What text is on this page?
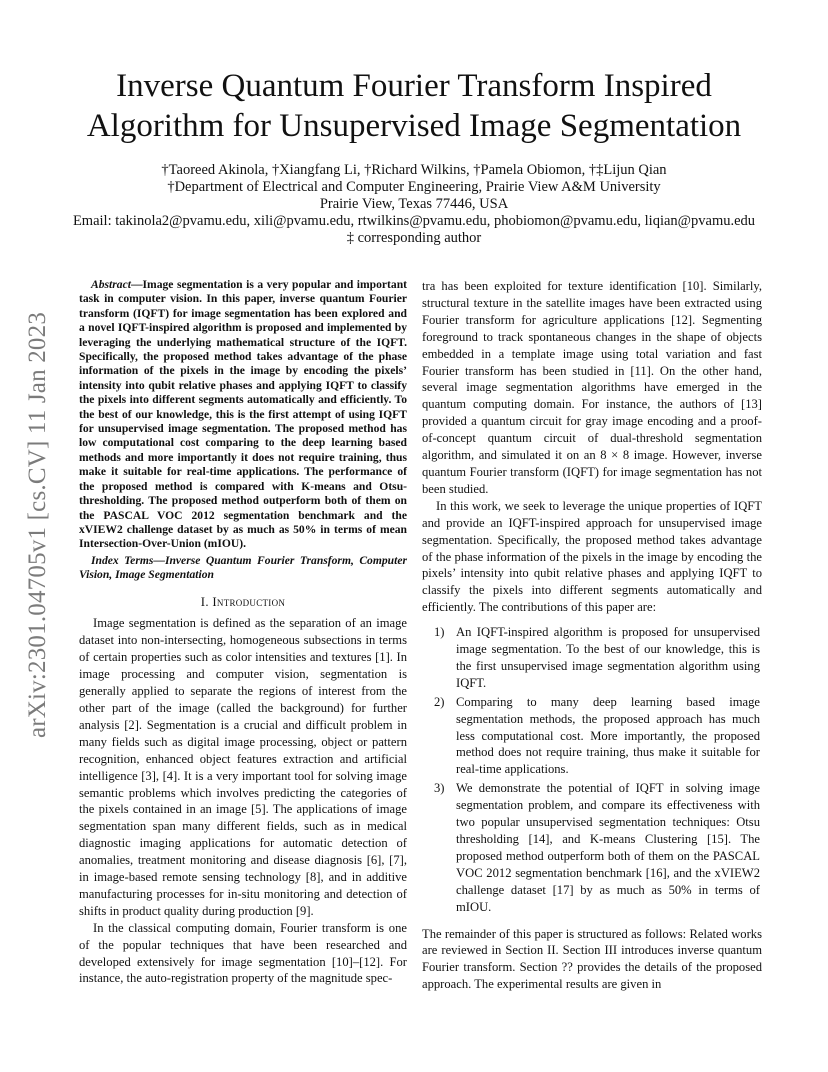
arXiv:2301.04705v1 [cs.CV] 11 Jan 2023
Inverse Quantum Fourier Transform Inspired
Algorithm for Unsupervised Image Segmentation
†Taoreed Akinola, †Xiangfang Li, †Richard Wilkins, †Pamela Obiomon, †‡Lijun Qian
†Department of Electrical and Computer Engineering, Prairie View A&M University
Prairie View, Texas 77446, USA
Email: takinola2@pvamu.edu, xili@pvamu.edu, rtwilkins@pvamu.edu, phobiomon@pvamu.edu, liqian@pvamu.edu
‡ corresponding author

Abstract—Image segmentation is a very popular and important task in computer vision. In this paper, inverse quantum Fourier transform (IQFT) for image segmentation has been explored and a novel IQFT-inspired algorithm is proposed and implemented by leveraging the underlying mathematical structure of the IQFT. Specifically, the proposed method takes advantage of the phase information of the pixels in the image by encoding the pixels’ intensity into qubit relative phases and applying IQFT to classify the pixels into different segments automatically and efficiently. To the best of our knowledge, this is the first attempt of using IQFT for unsupervised image segmentation. The proposed method has low computational cost comparing to the deep learning based methods and more importantly it does not require training, thus make it suitable for real-time applications. The performance of the proposed method is compared with K-means and Otsu-thresholding. The proposed method outperform both of them on the PASCAL VOC 2012 segmentation benchmark and the xVIEW2 challenge dataset by as much as 50% in terms of mean Intersection-Over-Union (mIOU).

Index Terms—Inverse Quantum Fourier Transform, Computer Vision, Image Segmentation

I. Introduction

Image segmentation is defined as the separation of an image dataset into non-intersecting, homogeneous subsections in terms of certain properties such as color intensities and textures [1]. In image processing and computer vision, segmentation is generally applied to separate the regions of interest from the other part of the image (called the background) for further analysis [2]. Segmentation is a crucial and difficult problem in many fields such as digital image processing, object or pattern recognition, enhanced object features extraction and artificial intelligence [3], [4]. It is a very important tool for solving image semantic problems which involves predicting the categories of the pixels contained in an image [5]. The applications of image segmentation span many different fields, such as in medical diagnostic imaging applications for automatic detection of anomalies, treatment monitoring and disease diagnosis [6], [7], in image-based remote sensing technology [8], and in additive manufacturing processes for in-situ monitoring and detection of shifts in product quality during production [9].

In the classical computing domain, Fourier transform is one of the popular techniques that have been researched and developed extensively for image segmentation [10]–[12]. For instance, the auto-registration property of the magnitude spec-

tra has been exploited for texture identification [10]. Similarly, structural texture in the satellite images have been extracted using Fourier transform for agriculture applications [12]. Segmenting foreground to track spontaneous changes in the shape of objects embedded in a template image using total variation and fast Fourier transform has been studied in [11]. On the other hand, several image segmentation algorithms have emerged in the quantum computing domain. For instance, the authors of [13] provided a quantum circuit for gray image encoding and a proof-of-concept quantum circuit of dual-threshold segmentation algorithm, and simulated it on an 8 × 8 image. However, inverse quantum Fourier transform (IQFT) for image segmentation has not been studied.

In this work, we seek to leverage the unique properties of IQFT and provide an IQFT-inspired approach for unsupervised image segmentation. Specifically, the proposed method takes advantage of the phase information of the pixels in the image by encoding the pixels’ intensity into qubit relative phases and applying IQFT to classify the pixels into different segments automatically and efficiently. The contributions of this paper are:

1) An IQFT-inspired algorithm is proposed for unsupervised image segmentation. To the best of our knowledge, this is the first unsupervised image segmentation algorithm using IQFT.
2) Comparing to many deep learning based image segmentation methods, the proposed approach has much less computational cost. More importantly, the proposed method does not require training, thus make it suitable for real-time applications.
3) We demonstrate the potential of IQFT in solving image segmentation problem, and compare its effectiveness with two popular unsupervised segmentation techniques: Otsu thresholding [14], and K-means Clustering [15]. The proposed method outperform both of them on the PASCAL VOC 2012 segmentation benchmark [16], and the xVIEW2 challenge dataset [17] by as much as 50% in terms of mIOU.

The remainder of this paper is structured as follows: Related works are reviewed in Section II. Section III introduces inverse quantum Fourier transform. Section ?? provides the details of the proposed approach. The experimental results are given in
